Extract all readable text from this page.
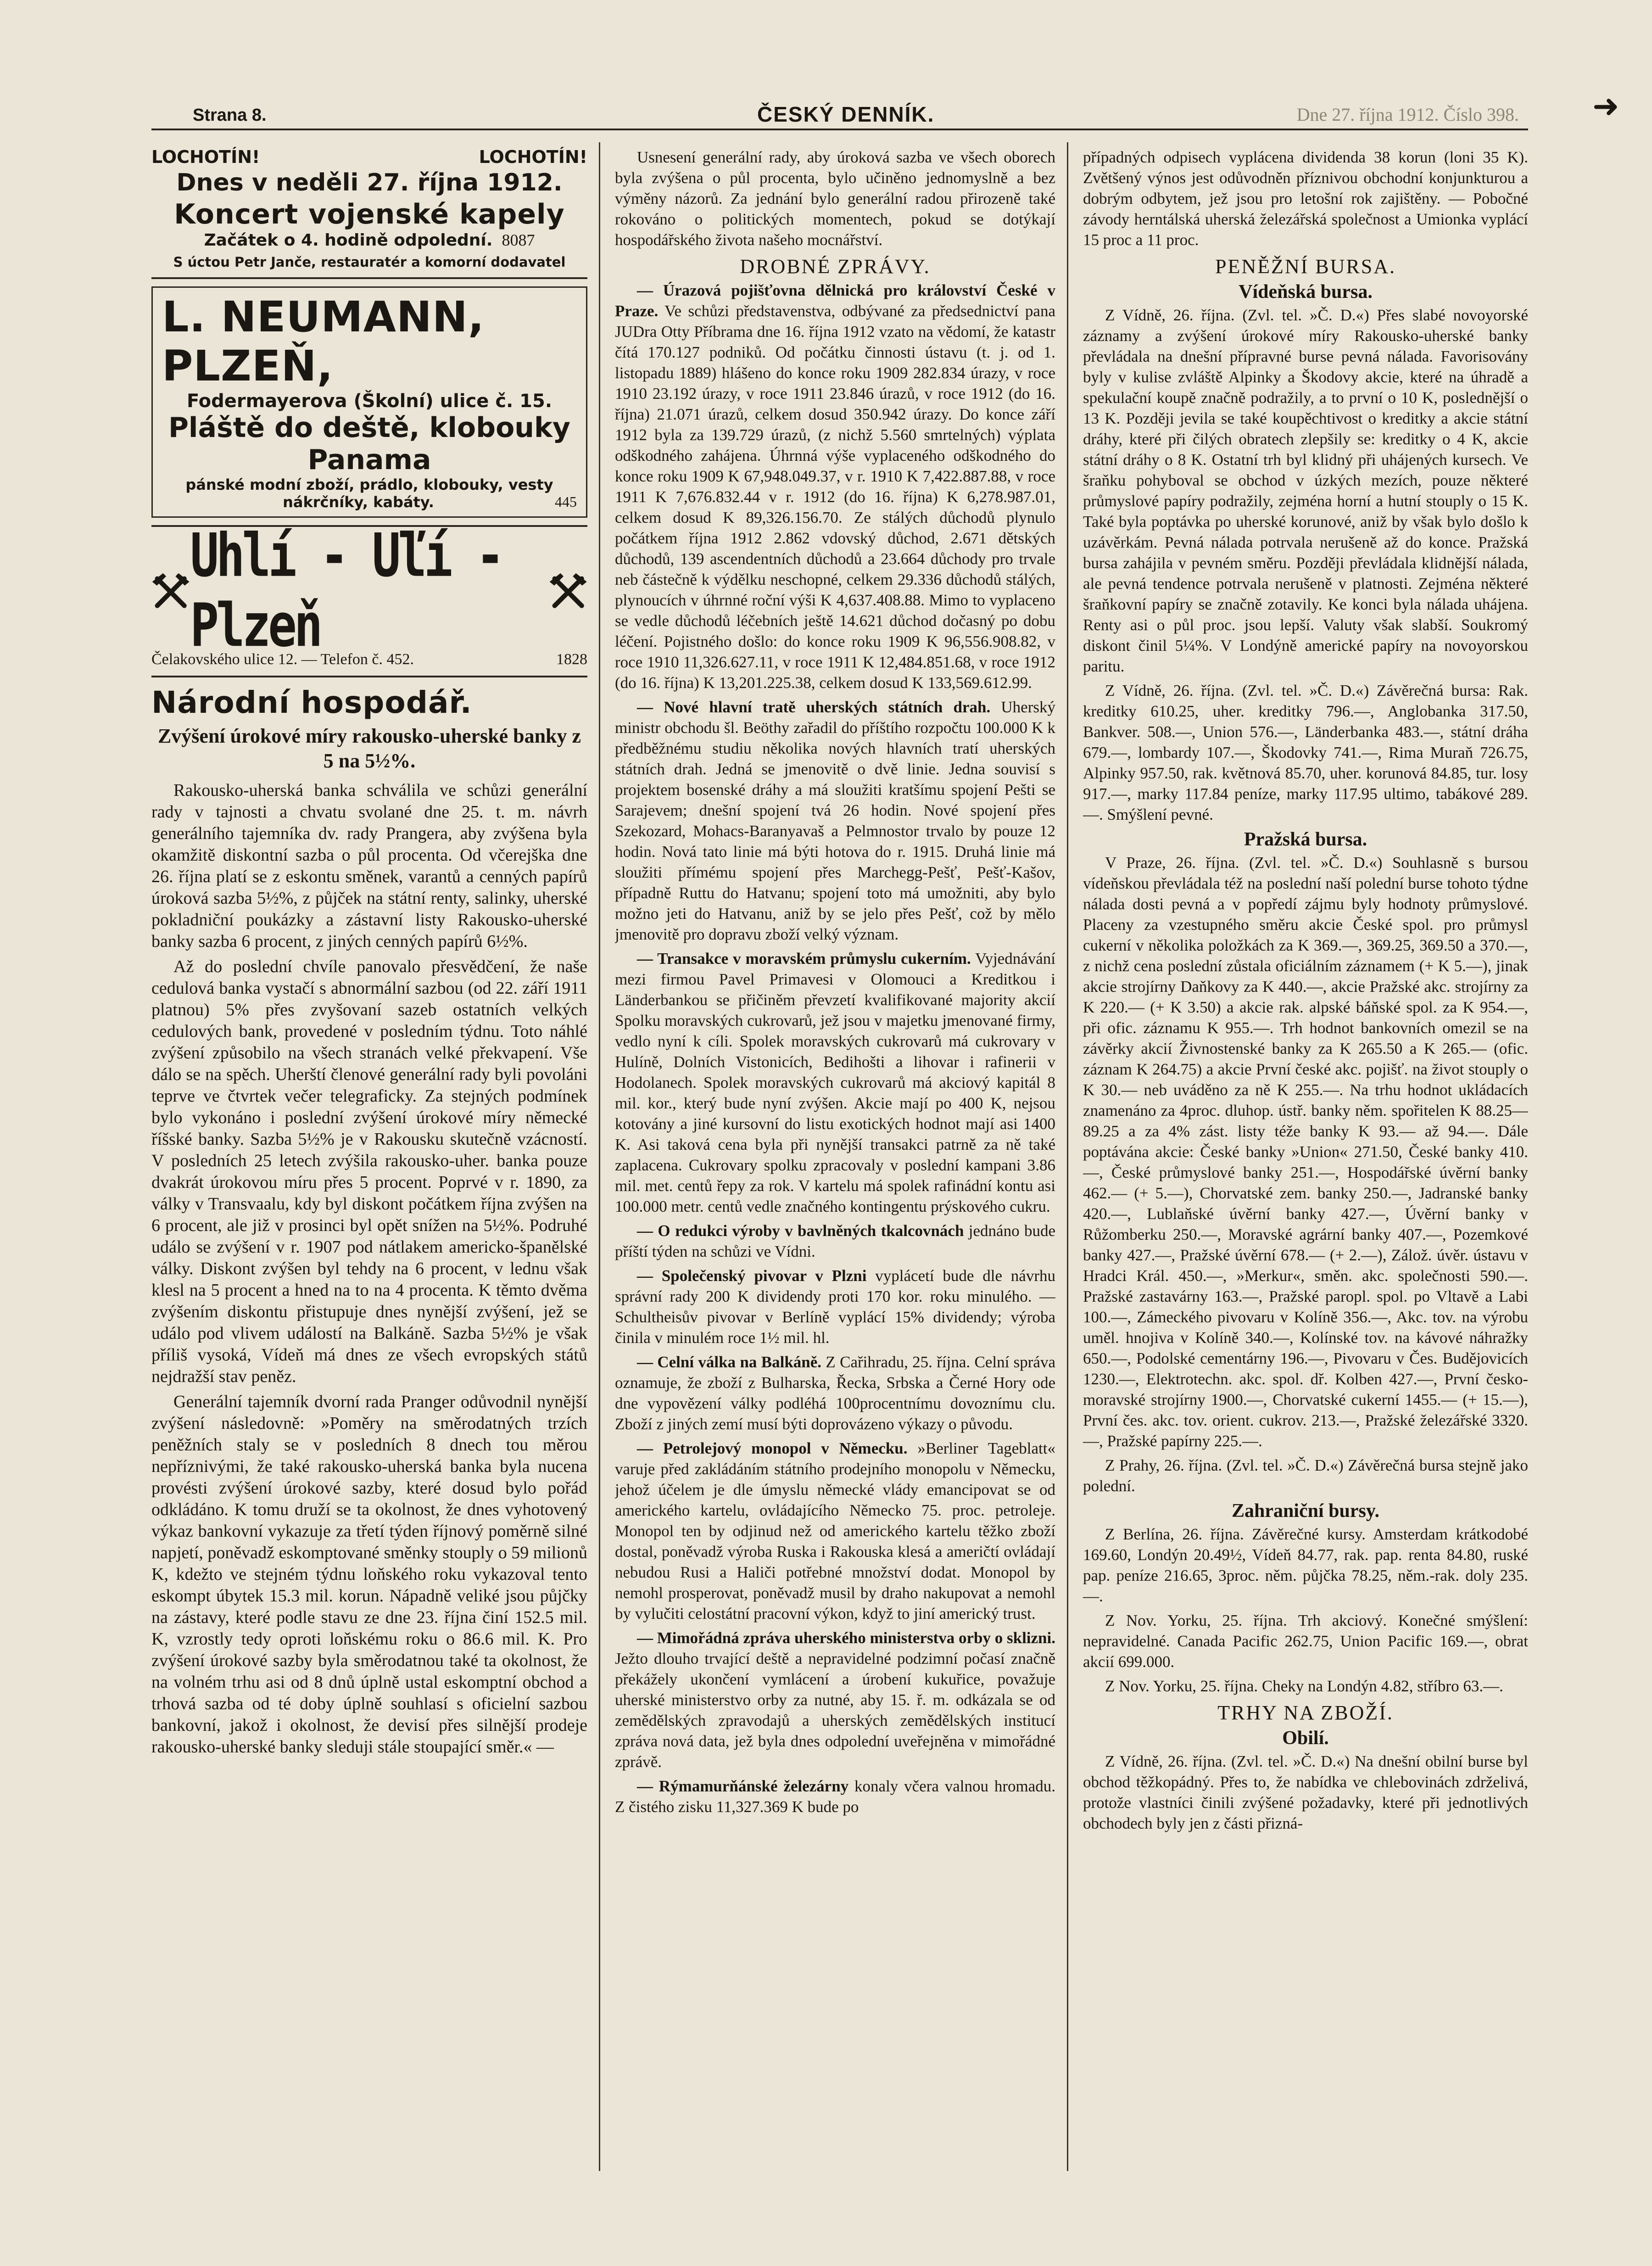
Strana 8.	ČESKÝ DENNÍK.	Dne 27. října 1912. Číslo 398. ➜
LOCHOTÍN!	LOCHOTÍN!
Dnes v neděli 27. října 1912.
Koncert vojenské kapely
Začátek o 4. hodině odpolední. 8087
S úctou Petr Janče, restauratér a komorní dodavatel
L. NEUMANN, PLZEŇ,
Fodermayerova (Školní) ulice č. 15.
Pláště do deště, klobouky Panama
pánské modní zboží, prádlo, klobouky, vesty
nákrčníky, kabáty.	445
Uhlí - Uľí - Plzeň
Čelakovského ulice 12. — Telefon č. 452.	1828
Národní hospodář.
Zvýšení úrokové míry rakousko-uherské banky z 5 na 5½%.

Rakousko-uherská banka schválila ve schůzi generální rady v tajnosti a chvatu svolané dne 25. t. m. návrh generálního tajemníka dv. rady Prangera, aby zvýšena byla okamžitě diskontní sazba o půl procenta. Od včerejška dne 26. října platí se z eskontu směnek, varantů a cenných papírů úroková sazba 5½%, z půjček na státní renty, salinky, uherské pokladniční poukázky a zástavní listy Rakousko-uherské banky sazba 6 procent, z jiných cenných papírů 6½%.

Až do poslední chvíle panovalo přesvědčení, že naše cedulová banka vystačí s abnormální sazbou (od 22. září 1911 platnou) 5% přes zvyšovaní sazeb ostatních velkých cedulových bank, provedené v posledním týdnu. Toto náhlé zvýšení způsobilo na všech stranách velké překvapení. Vše dálo se na spěch. Uherští členové generální rady byli povoláni teprve ve čtvrtek večer telegraficky. Za stejných podmínek bylo vykonáno i poslední zvýšení úrokové míry německé říšské banky. Sazba 5½% je v Rakousku skutečně vzácností. V posledních 25 letech zvýšila rakousko-uher. banka pouze dvakrát úrokovou míru přes 5 procent. Poprvé v r. 1890, za války v Transvaalu, kdy byl diskont počátkem října zvýšen na 6 procent, ale již v prosinci byl opět snížen na 5½%. Podruhé událo se zvýšení v r. 1907 pod nátlakem americko-španělské války. Diskont zvýšen byl tehdy na 6 procent, v lednu však klesl na 5 procent a hned na to na 4 procenta. K těmto dvěma zvýšením diskontu přistupuje dnes nynější zvýšení, jež se událo pod vlivem událostí na Balkáně. Sazba 5½% je však příliš vysoká, Vídeň má dnes ze všech evropských států nejdražší stav peněz.

Generální tajemník dvorní rada Pranger odůvodnil nynější zvýšení následovně: »Poměry na směrodatných trzích peněžních staly se v posledních 8 dnech tou měrou nepříznivými, že také rakousko-uherská banka byla nucena provésti zvýšení úrokové sazby, které dosud bylo pořád odkládáno. K tomu druží se ta okolnost, že dnes vyhotovený výkaz bankovní vykazuje za třetí týden říjnový poměrně silné napjetí, poněvadž eskomptované směnky stouply o 59 milionů K, kdežto ve stejném týdnu loňského roku vykazoval tento eskompt úbytek 15.3 mil. korun. Nápadně veliké jsou půjčky na zástavy, které podle stavu ze dne 23. října činí 152.5 mil. K, vzrostly tedy oproti loňskému roku o 86.6 mil. K. Pro zvýšení úrokové sazby byla směrodatnou také ta okolnost, že na volném trhu asi od 8 dnů úplně ustal eskomptní obchod a trhová sazba od té doby úplně souhlasí s oficielní sazbou bankovní, jakož i okolnost, že devisí přes silnější prodeje rakousko-uherské banky sleduji stále stoupající směr.« —

Usnesení generální rady, aby úroková sazba ve všech oborech byla zvýšena o půl procenta, bylo učiněno jednomyslně a bez výměny názorů. Za jednání bylo generální radou přirozeně také rokováno o politických momentech, pokud se dotýkají hospodářského života našeho mocnářství.

DROBNÉ ZPRÁVY.

— Úrazová pojišťovna dělnická pro království České v Praze. Ve schůzi představenstva, odbývané za předsednictví pana JUDra Otty Příbrama dne 16. října 1912 vzato na vědomí, že katastr čítá 170.127 podniků. Od počátku činnosti ústavu (t. j. od 1. listopadu 1889) hlášeno do konce roku 1909 282.834 úrazy, v roce 1910 23.192 úrazy, v roce 1911 23.846 úrazů, v roce 1912 (do 16. října) 21.071 úrazů, celkem dosud 350.942 úrazy. Do konce září 1912 byla za 139.729 úrazů, (z nichž 5.560 smrtelných) výplata odškodného zahájena. Úhrnná výše vyplaceného odškodného do konce roku 1909 K 67,948.049.37, v r. 1910 K 7,422.887.88, v roce 1911 K 7,676.832.44 v r. 1912 (do 16. října) K 6,278.987.01, celkem dosud K 89,326.156.70. Ze stálých důchodů plynulo počátkem října 1912 2.862 vdovský důchod, 2.671 dětských důchodů, 139 ascendentních důchodů a 23.664 důchody pro trvale neb částečně k výdělku neschopné, celkem 29.336 důchodů stálých, plynoucích v úhrnné roční výši K 4,637.408.88. Mimo to vyplaceno se vedle důchodů léčebních ještě 14.621 důchod dočasný po dobu léčení. Pojistného došlo: do konce roku 1909 K 96,556.908.82, v roce 1910 11,326.627.11, v roce 1911 K 12,484.851.68, v roce 1912 (do 16. října) K 13,201.225.38, celkem dosud K 133,569.612.99.

— Nové hlavní tratě uherských státních drah. Uherský ministr obchodu šl. Beöthy zařadil do příštího rozpočtu 100.000 K k předběžnému studiu několika nových hlavních tratí uherských státních drah. Jedná se jmenovitě o dvě linie. Jedna souvisí s projektem bosenské dráhy a má sloužiti kratšímu spojení Pešti se Sarajevem; dnešní spojení tvá 26 hodin. Nové spojení přes Szekozard, Mohacs-Baranyavaš a Pelmnostor trvalo by pouze 12 hodin. Nová tato linie má býti hotova do r. 1915. Druhá linie má sloužiti přímému spojení přes Marchegg-Pešť, Pešť-Kašov, případně Ruttu do Hatvanu; spojení toto má umožniti, aby bylo možno jeti do Hatvanu, aniž by se jelo přes Pešť, což by mělo jmenovitě pro dopravu zboží velký význam.

— Transakce v moravském průmyslu cukerním. Vyjednávání mezi firmou Pavel Primavesi v Olomouci a Kreditkou i Länderbankou se přičiněm převzetí kvalifikované majority akcií Spolku moravských cukrovarů, jež jsou v majetku jmenované firmy, vedlo nyní k cíli. Spolek moravských cukrovarů má cukrovary v Hulíně, Dolních Vistonicích, Bedihošti a lihovar i rafinerii v Hodolanech. Spolek moravských cukrovarů má akciový kapitál 8 mil. kor., který bude nyní zvýšen. Akcie mají po 400 K, nejsou kotovány a jiné kursovní do listu exotických hodnot mají asi 1400 K. Asi taková cena byla při nynější transakci patrně za ně také zaplacena. Cukrovary spolku zpracovaly v poslední kampani 3.86 mil. met. centů řepy za rok. V kartelu má spolek rafinádní kontu asi 100.000 metr. centů vedle značného kontingentu prýskového cukru.

— O redukci výroby v bavlněných tkalcovnách jednáno bude příští týden na schůzi ve Vídni.

— Společenský pivovar v Plzni vyplácetí bude dle návrhu správní rady 200 K dividendy proti 170 kor. roku minulého. — Schultheisův pivovar v Berlíně vyplácí 15% dividendy; výroba činila v minulém roce 1½ mil. hl.

— Celní válka na Balkáně. Z Cařihradu, 25. října. Celní správa oznamuje, že zboží z Bulharska, Řecka, Srbska a Černé Hory ode dne vypovězení války podléhá 100procentnímu dovoznímu clu. Zboží z jiných zemí musí býti doprovázeno výkazy o původu.

— Petrolejový monopol v Německu. »Berliner Tageblatt« varuje před zakládáním státního prodejního monopolu v Německu, jehož účelem je dle úmyslu německé vlády emancipovat se od amerického kartelu, ovládajícího Německo 75. proc. petroleje. Monopol ten by odjinud než od amerického kartelu těžko zboží dostal, poněvadž výroba Ruska i Rakouska klesá a američtí ovládají nebudou Rusi a Haliči potřebné množství dodat. Monopol by nemohl prosperovat, poněvadž musil by draho nakupovat a nemohl by vylučiti celostátní pracovní výkon, když to jiní americký trust.

— Mimořádná zpráva uherského ministerstva orby o sklizni. Ježto dlouho trvající deště a nepravidelné podzimní počasí značně překážely ukončení vymlácení a úrobení kukuřice, považuje uherské ministerstvo orby za nutné, aby 15. ř. m. odkázala se od zemědělských zpravodajů a uherských zemědělských institucí zpráva nová data, jež byla dnes odpolední uveřejněna v mimořádné zprávě.

— Rýmamurňánské železárny konaly včera valnou hromadu. Z čistého zisku 11,327.369 K bude po

případných odpisech vyplácena dividenda 38 korun (loni 35 K). Zvětšený výnos jest odůvodněn příznivou obchodní konjunkturou a dobrým odbytem, jež jsou pro letošní rok zajištěny. — Pobočné závody herntálská uherská železářská společnost a Umionka vyplácí 15 proc a 11 proc.

PENĚŽNÍ BURSA.
Vídeňská bursa.

Z Vídně, 26. října. (Zvl. tel. »Č. D.«) Přes slabé novoyorské záznamy a zvýšení úrokové míry Rakousko-uherské banky převládala na dnešní přípravné burse pevná nálada. Favorisovány byly v kulise zvláště Alpinky a Škodovy akcie, které na úhradě a spekulační koupě značně podražily, a to první o 10 K, poslednější o 13 K. Později jevila se také koupěchtivost o kreditky a akcie státní dráhy, které při čilých obratech zlepšily se: kreditky o 4 K, akcie státní dráhy o 8 K. Ostatní trh byl klidný při uhájených kursech. Ve šraňku pohyboval se obchod v úzkých mezích, pouze některé průmyslové papíry podražily, zejména horní a hutní stouply o 15 K. Také byla poptávka po uherské korunové, aniž by však bylo došlo k uzávěrkám. Pevná nálada potrvala nerušeně až do konce. Pražská bursa zahájila v pevném směru. Později převládala klidnější nálada, ale pevná tendence potrvala nerušeně v platnosti. Zejména některé šraňkovní papíry se značně zotavily. Ke konci byla nálada uhájena. Renty asi o půl proc. jsou lepší. Valuty však slabší. Soukromý diskont činil 5¼%. V Londýně americké papíry na novoyorskou paritu.

Z Vídně, 26. října. (Zvl. tel. »Č. D.«) Závěrečná bursa: Rak. kreditky 610.25, uher. kreditky 796.—, Anglobanka 317.50, Bankver. 508.—, Union 576.—, Länderbanka 483.—, státní dráha 679.—, lombardy 107.—, Škodovky 741.—, Rima Muraň 726.75, Alpinky 957.50, rak. květnová 85.70, uher. korunová 84.85, tur. losy 917.—, marky 117.84 peníze, marky 117.95 ultimo, tabákové 289.—. Smýšlení pevné.

Pražská bursa.

V Praze, 26. října. (Zvl. tel. »Č. D.«) Souhlasně s bursou vídeňskou převládala též na poslední naší polední burse tohoto týdne nálada dosti pevná a v popředí zájmu byly hodnoty průmyslové. Placeny za vzestupného směru akcie České spol. pro průmysl cukerní v několika položkách za K 369.—, 369.25, 369.50 a 370.—, z nichž cena poslední zůstala oficiálním záznamem (+ K 5.—), jinak akcie strojírny Daňkovy za K 440.—, akcie Pražské akc. strojírny za K 220.— (+ K 3.50) a akcie rak. alpské báňské spol. za K 954.—, při ofic. záznamu K 955.—. Trh hodnot bankovních omezil se na závěrky akcií Živnostenské banky za K 265.50 a K 265.— (ofic. záznam K 264.75) a akcie První české akc. pojišť. na život stouply o K 30.— neb uváděno za ně K 255.—. Na trhu hodnot ukládacích znamenáno za 4proc. dluhop. ústř. banky něm. spořitelen K 88.25—89.25 a za 4% zást. listy téže banky K 93.— až 94.—. Dále poptávána akcie: České banky »Union« 271.50, České banky 410.—, České průmyslové banky 251.—, Hospodářské úvěrní banky 462.— (+ 5.—), Chorvatské zem. banky 250.—, Jadranské banky 420.—, Lublaňské úvěrní banky 427.—, Úvěrní banky v Růžomberku 250.—, Moravské agrární banky 407.—, Pozemkové banky 427.—, Pražské úvěrní 678.— (+ 2.—), Zálož. úvěr. ústavu v Hradci Král. 450.—, »Merkur«, směn. akc. společnosti 590.—. Pražské zastavárny 163.—, Pražské paropl. spol. po Vltavě a Labi 100.—, Zámeckého pivovaru v Kolíně 356.—, Akc. tov. na výrobu uměl. hnojiva v Kolíně 340.—, Kolínské tov. na kávové náhražky 650.—, Podolské cementárny 196.—, Pivovaru v Čes. Budějovicích 1230.—, Elektrotechn. akc. spol. dř. Kolben 427.—, První česko-moravské strojírny 1900.—, Chorvatské cukerní 1455.— (+ 15.—), První čes. akc. tov. orient. cukrov. 213.—, Pražské železářské 3320.—, Pražské papírny 225.—.

Z Prahy, 26. října. (Zvl. tel. »Č. D.«) Závěrečná bursa stejně jako polední.

Zahraniční bursy.

Z Berlína, 26. října. Závěrečné kursy. Amsterdam krátkodobé 169.60, Londýn 20.49½, Vídeň 84.77, rak. pap. renta 84.80, ruské pap. peníze 216.65, 3proc. něm. půjčka 78.25, něm.-rak. doly 235.—.

Z Nov. Yorku, 25. října. Trh akciový. Konečné smýšlení: nepravidelné. Canada Pacific 262.75, Union Pacific 169.—, obrat akcií 699.000.

Z Nov. Yorku, 25. října. Cheky na Londýn 4.82, stříbro 63.—.

TRHY NA ZBOŽÍ.
Obilí.

Z Vídně, 26. října. (Zvl. tel. »Č. D.«) Na dnešní obilní burse byl obchod těžkopádný. Přes to, že nabídka ve chlebovinách zdrželivá, protože vlastníci činili zvýšené požadavky, které při jednotlivých obchodech byly jen z části přizná-
